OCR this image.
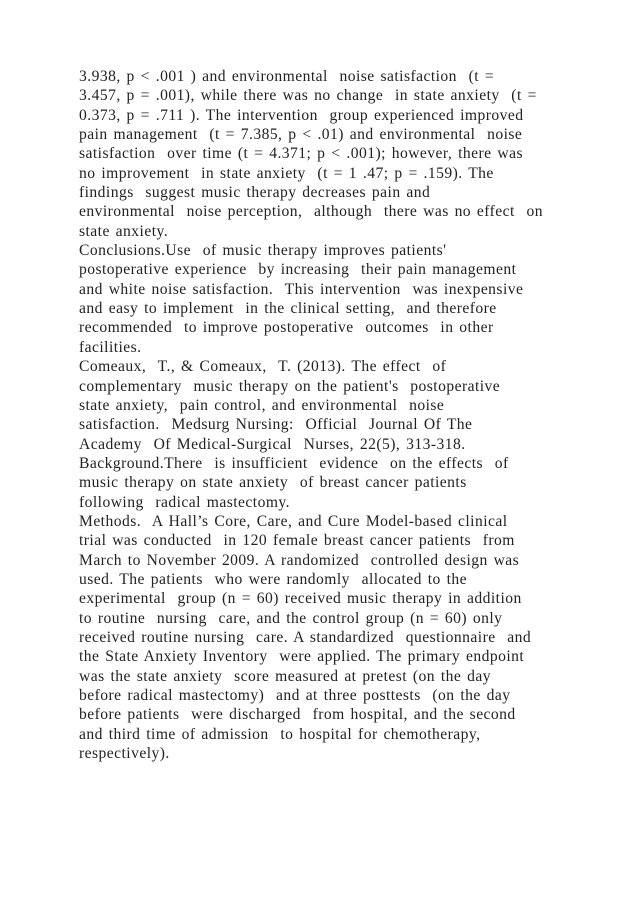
3.938, p < .001 ) and environmental  noise satisfaction  (t =
3.457, p = .001), while there was no change  in state anxiety  (t =
0.373, p = .711 ). The intervention  group experienced improved
pain management  (t = 7.385, p < .01) and environmental  noise
satisfaction  over time (t = 4.371; p < .001); however, there was
no improvement  in state anxiety  (t = 1 .47; p = .159). The
findings  suggest music therapy decreases pain and
environmental  noise perception,  although  there was no effect  on
state anxiety.
Conclusions.Use  of music therapy improves patients'
postoperative experience  by increasing  their pain management
and white noise satisfaction.  This intervention  was inexpensive
and easy to implement  in the clinical setting,  and therefore
recommended  to improve postoperative  outcomes  in other
facilities.
Comeaux,  T., & Comeaux,  T. (2013). The effect  of
complementary  music therapy on the patient's  postoperative
state anxiety,  pain control, and environmental  noise
satisfaction.  Medsurg Nursing:  Official  Journal Of The
Academy  Of Medical-Surgical  Nurses, 22(5), 313-318.
Background.There  is insufficient  evidence  on the effects  of
music therapy on state anxiety  of breast cancer patients
following  radical mastectomy.
Methods.  A Hall’s Core, Care, and Cure Model-based clinical
trial was conducted  in 120 female breast cancer patients  from
March to November 2009. A randomized  controlled design was
used. The patients  who were randomly  allocated to the
experimental  group (n = 60) received music therapy in addition
to routine  nursing  care, and the control group (n = 60) only
received routine nursing  care. A standardized  questionnaire  and
the State Anxiety Inventory  were applied. The primary endpoint
was the state anxiety  score measured at pretest (on the day
before radical mastectomy)  and at three posttests  (on the day
before patients  were discharged  from hospital, and the second
and third time of admission  to hospital for chemotherapy,
respectively).
